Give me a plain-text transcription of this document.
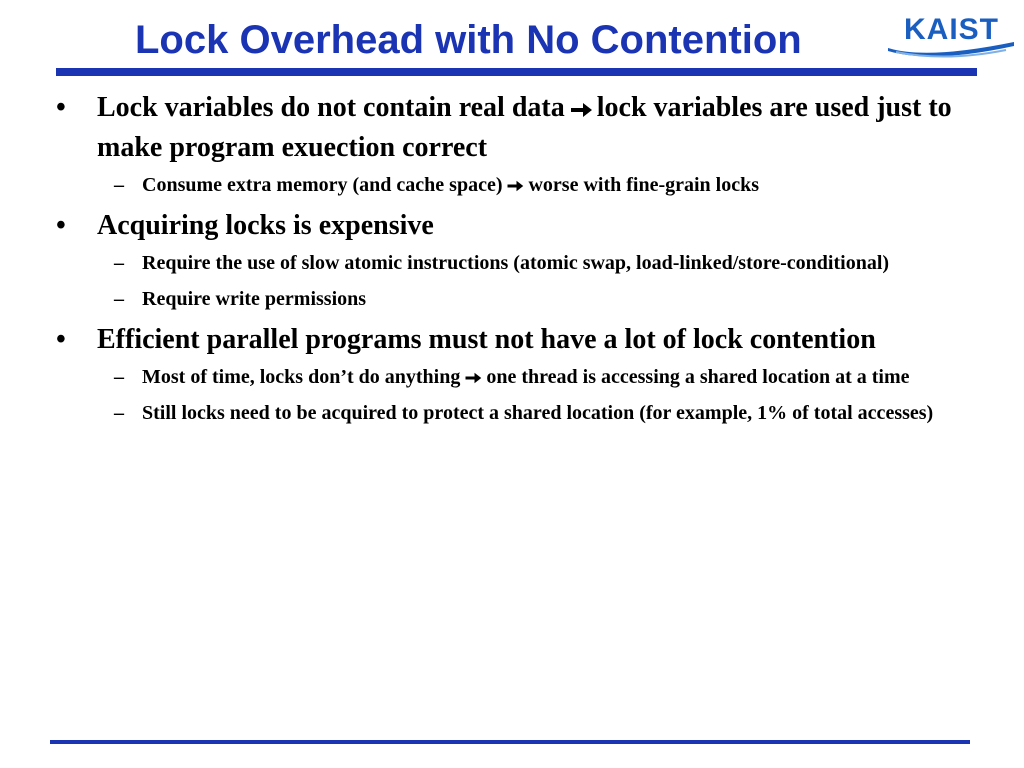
Lock Overhead with No Contention	KAIST
•	Lock variables do not contain real data lock variables are used just to make program exuection correct
– Consume extra memory (and cache space) worse with fine-grain locks
•	Acquiring locks is expensive
– Require the use of slow atomic instructions (atomic swap, load-linked/store-conditional)
– Require write permissions
•	Efficient parallel programs must not have a lot of lock contention
– Most of time, locks don’t do anything one thread is accessing a shared location at a time
– Still locks need to be acquired to protect a shared location (for example, 1% of total accesses)
